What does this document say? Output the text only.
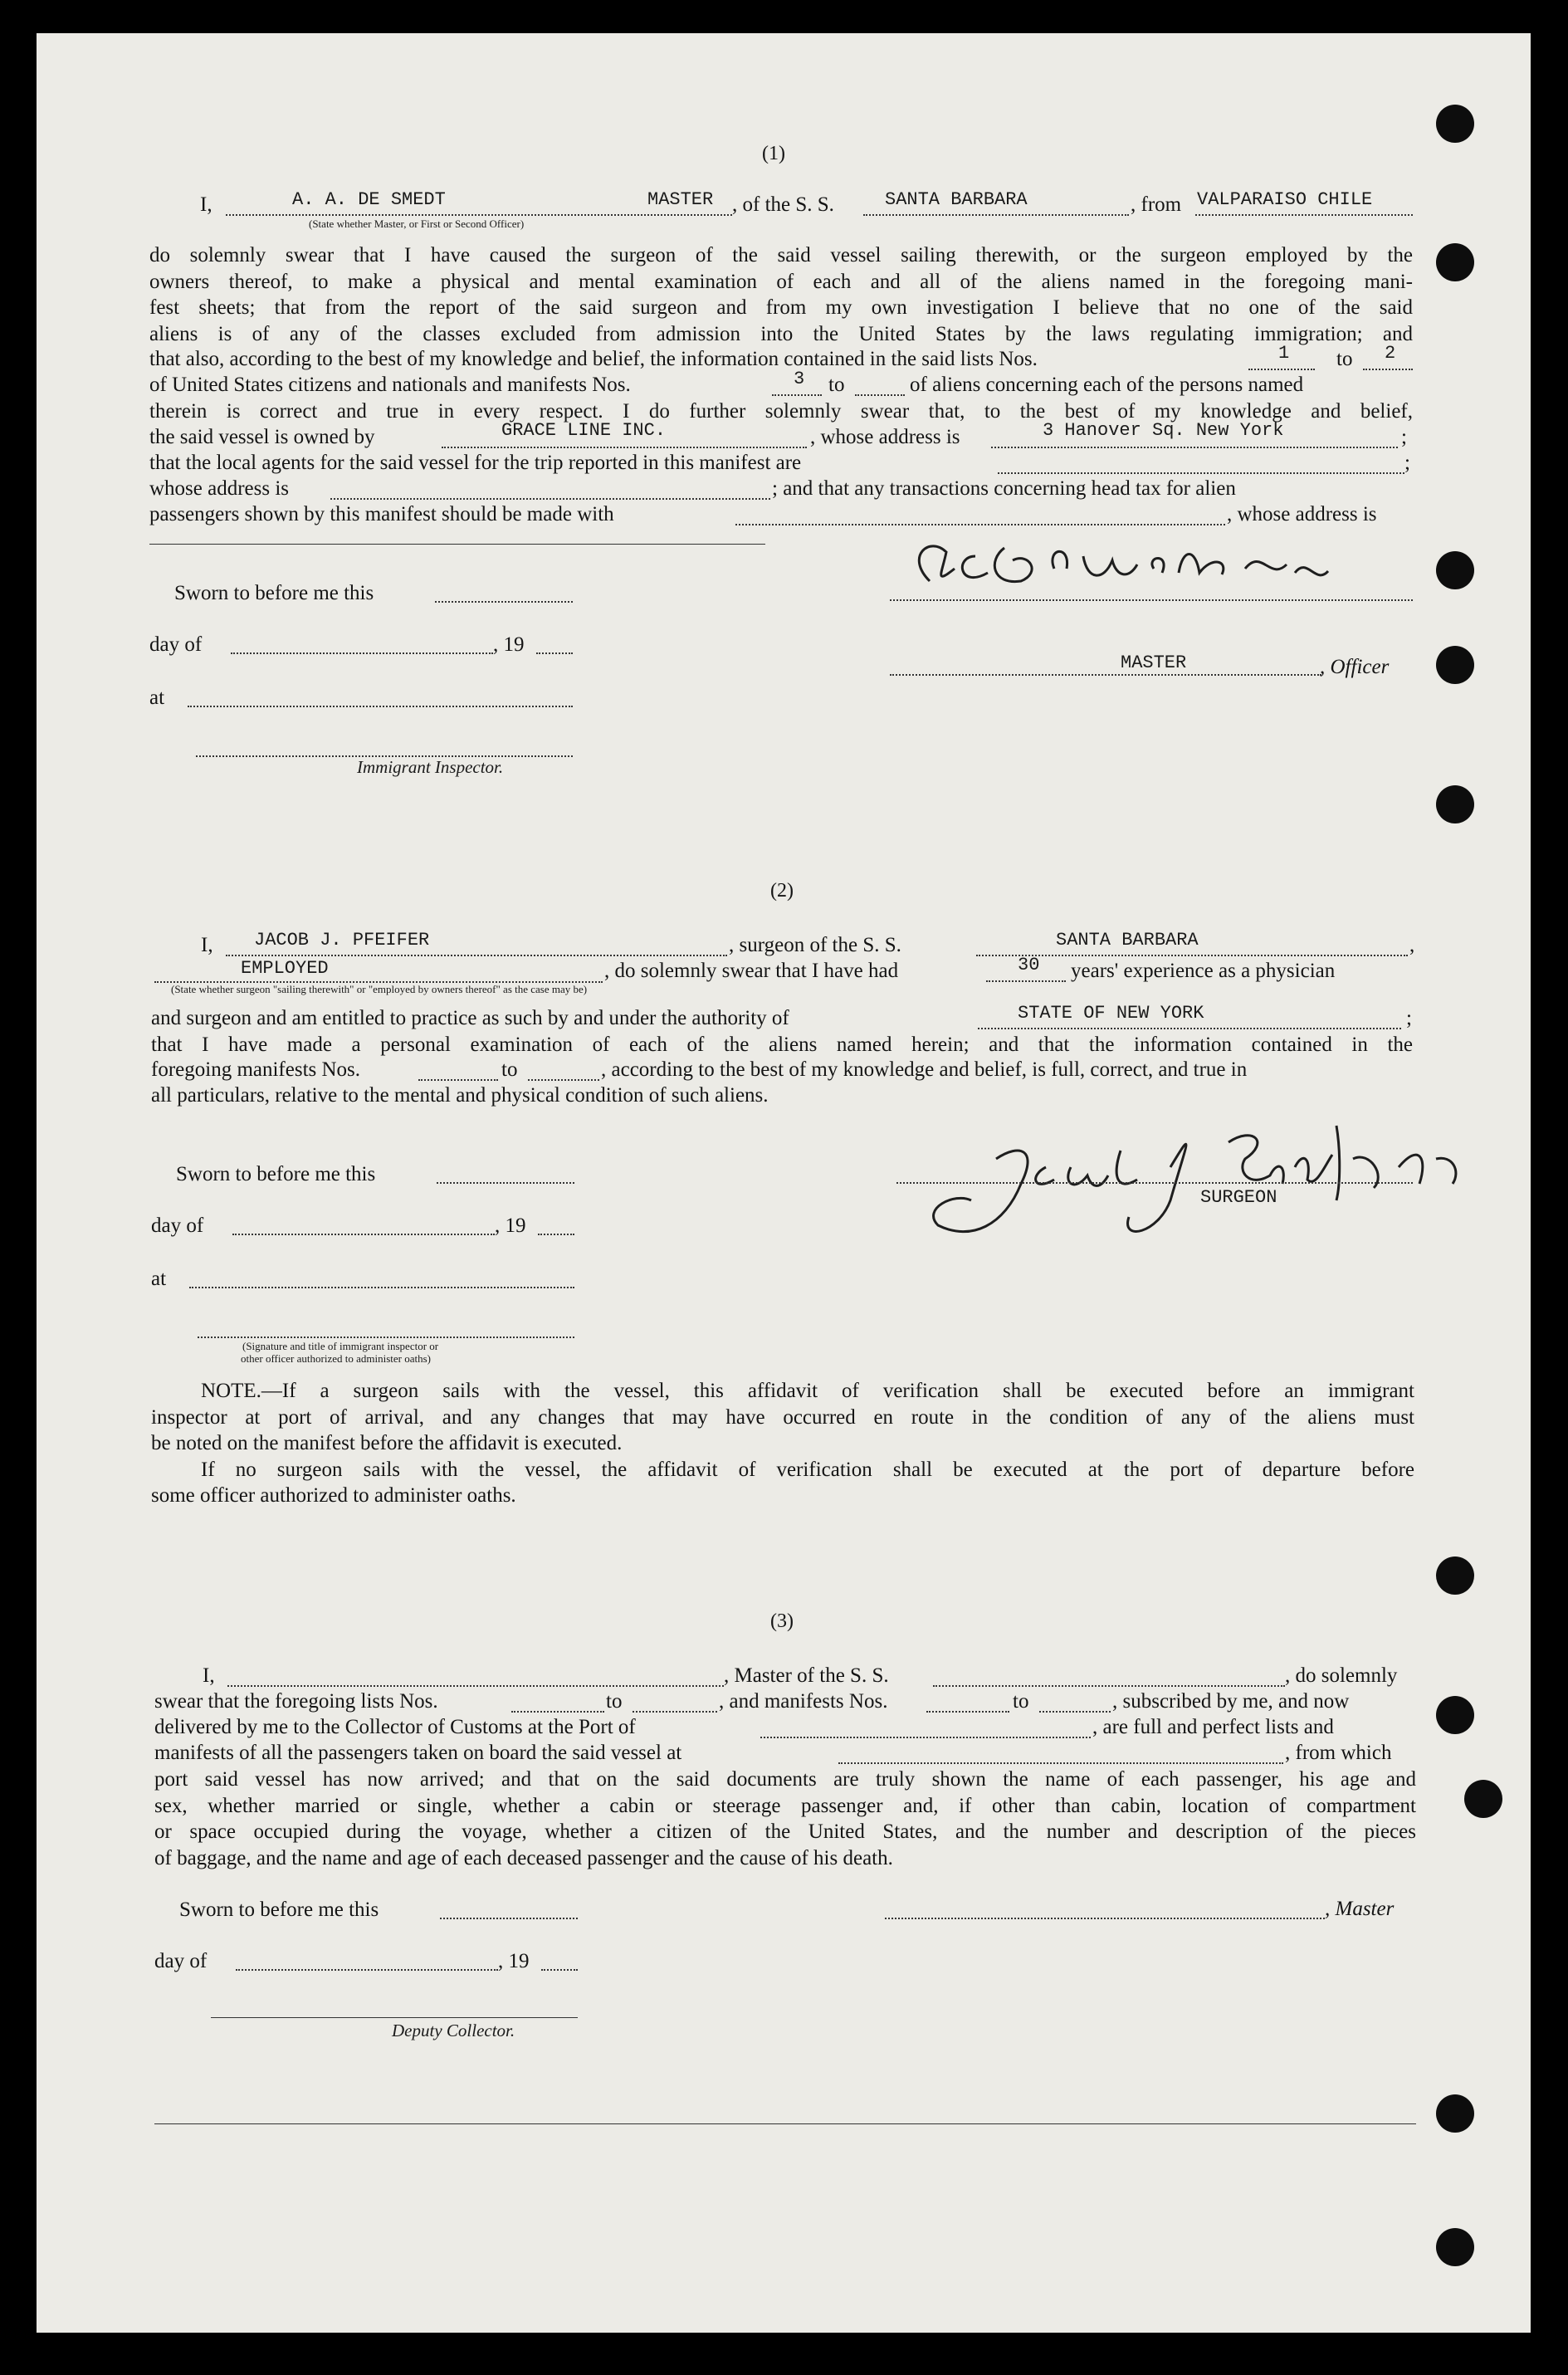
(1)
I,	A. A. DE SMEDT	MASTER , of the S. S.	SANTA BARBARA	, from VALPARAISO CHILE
(State whether Master, or First or Second Officer)
do solemnly swear that I have caused the surgeon of the said vessel sailing therewith, or the surgeon employed by the
owners thereof, to make a physical and mental examination of each and all of the aliens named in the foregoing mani-
fest sheets; that from the report of the said surgeon and from my own investigation I believe that no one of the said
aliens is of any of the classes excluded from admission into the United States by the laws regulating immigration; and
that also, according to the best of my knowledge and belief, the information contained in the said lists Nos.	1 to 2
of United States citizens and nationals and manifests Nos.	3 to	of aliens concerning each of the persons named
therein is correct and true in every respect. I do further solemnly swear that, to the best of my knowledge and belief,
the said vessel is owned by	GRACE LINE INC.	, whose address is	3 Hanover Sq. New York	;
that the local agents for the said vessel for the trip reported in this manifest are	;
whose address is	; and that any transactions concerning head tax for alien
passengers shown by this manifest should be made with	, whose address is
Sworn to before me this
day of	, 19
at
Immigrant Inspector.
MASTER	, Officer
(2)
I, JACOB J. PFEIFER	, surgeon of the S. S.	SANTA BARBARA	,
EMPLOYED	, do solemnly swear that I have had	30 years' experience as a physician
(State whether surgeon "sailing therewith" or "employed by owners thereof" as the case may be)
and surgeon and am entitled to practice as such by and under the authority of	STATE OF NEW YORK	;
that I have made a personal examination of each of the aliens named herein; and that the information contained in the
foregoing manifests Nos.	to	, according to the best of my knowledge and belief, is full, correct, and true in
all particulars, relative to the mental and physical condition of such aliens.
Sworn to before me this
day of	, 19
at
(Signature and title of immigrant inspector or
other officer authorized to administer oaths)
SURGEON
NOTE.—If a surgeon sails with the vessel, this affidavit of verification shall be executed before an immigrant
inspector at port of arrival, and any changes that may have occurred en route in the condition of any of the aliens must
be noted on the manifest before the affidavit is executed.
If no surgeon sails with the vessel, the affidavit of verification shall be executed at the port of departure before
some officer authorized to administer oaths.
(3)
I,	, Master of the S. S.	, do solemnly
swear that the foregoing lists Nos.	to	, and manifests Nos.	to	, subscribed by me, and now
delivered by me to the Collector of Customs at the Port of	, are full and perfect lists and
manifests of all the passengers taken on board the said vessel at	, from which
port said vessel has now arrived; and that on the said documents are truly shown the name of each passenger, his age and
sex, whether married or single, whether a cabin or steerage passenger and, if other than cabin, location of compartment
or space occupied during the voyage, whether a citizen of the United States, and the number and description of the pieces
of baggage, and the name and age of each deceased passenger and the cause of his death.
Sworn to before me this	, Master
day of	, 19
Deputy Collector.
